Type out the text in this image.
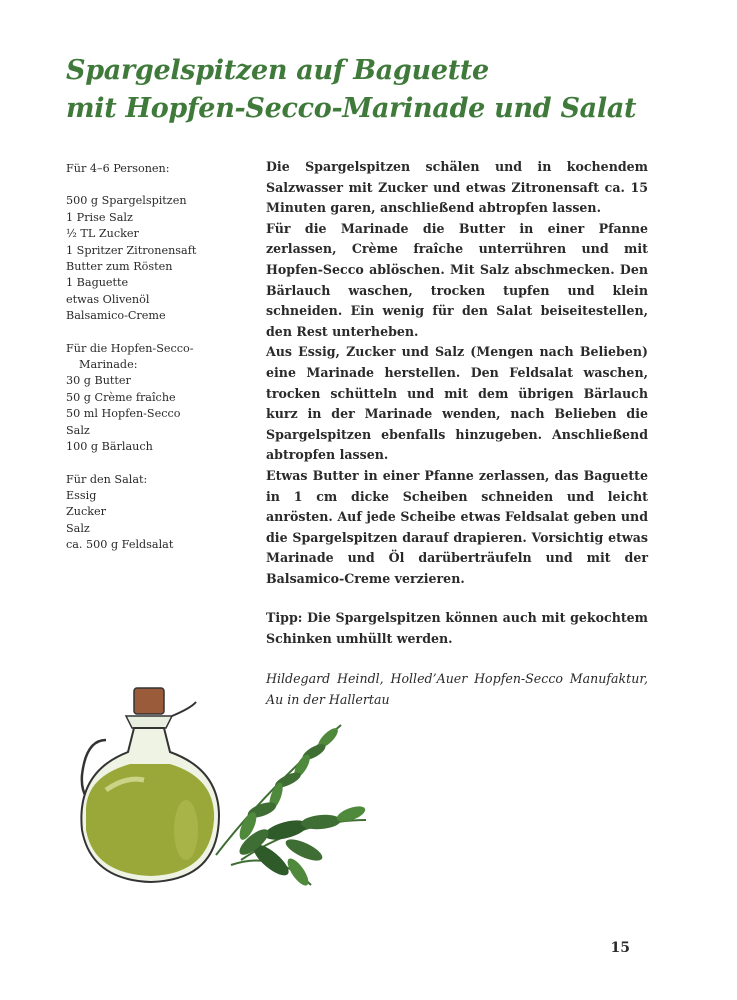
Spargelspitzen auf Baguette
mit Hopfen-Secco-Marinade und Salat
Für 4–6 Personen:
500 g Spargelspitzen
1 Prise Salz
½ TL Zucker
1 Spritzer Zitronensaft
Butter zum Rösten
1 Baguette
etwas Olivenöl
Balsamico-Creme
Für die Hopfen-Secco-
Marinade:
30 g Butter
50 g Crème fraîche
50 ml Hopfen-Secco
Salz
100 g Bärlauch
Für den Salat:
Essig
Zucker
Salz
ca. 500 g Feldsalat

Die Spargelspitzen schälen und in kochendem Salzwasser mit Zucker und etwas Zitronensaft ca. 15 Minuten garen, anschließend abtropfen lassen.

Für die Marinade die Butter in einer Pfanne zerlassen, Crème fraîche unterrühren und mit Hopfen-Secco ablöschen. Mit Salz abschmecken. Den Bärlauch waschen, trocken tupfen und klein schneiden. Ein wenig für den Salat beiseitestellen, den Rest unterheben.

Aus Essig, Zucker und Salz (Mengen nach Belieben) eine Marinade herstellen. Den Feldsalat waschen, trocken schütteln und mit dem übrigen Bärlauch kurz in der Marinade wenden, nach Belieben die Spargelspitzen ebenfalls hinzugeben. Anschließend abtropfen lassen.

Etwas Butter in einer Pfanne zerlassen, das Baguette in 1 cm dicke Scheiben schneiden und leicht anrösten. Auf jede Scheibe etwas Feldsalat geben und die Spargelspitzen darauf drapieren. Vorsichtig etwas Marinade und Öl darüberträufeln und mit der Balsamico-Creme verzieren.

Tipp: Die Spargelspitzen können auch mit gekochtem Schinken umhüllt werden.
Hildegard Heindl, Holled’Auer Hopfen-Secco Manufaktur, Au in der Hallertau
15
